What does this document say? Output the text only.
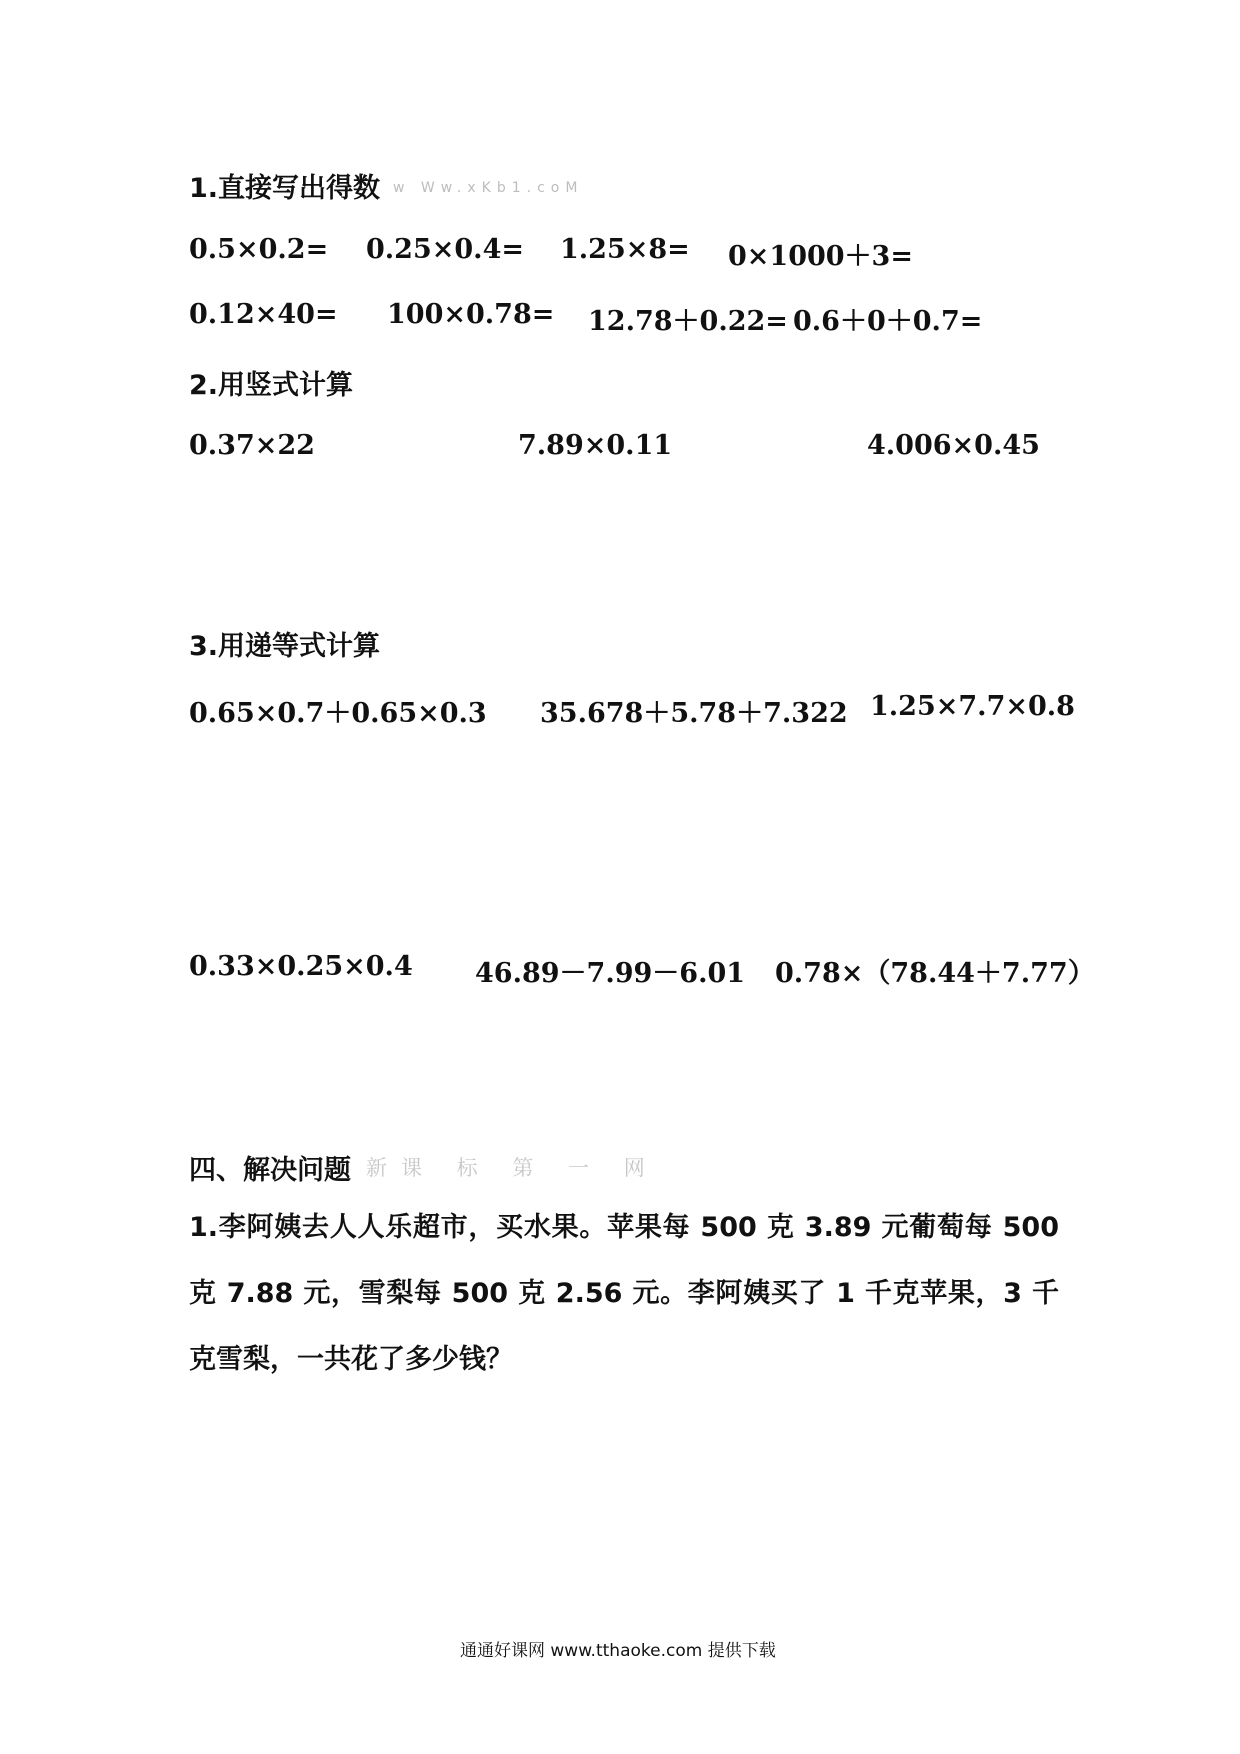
1.直接写出得数 w Ww.xKb1.coM
0.5×0.2= 0.25×0.4= 1.25×8= 0×1000＋3=
0.12×40= 100×0.78= 12.78＋0.22= 0.6＋0＋0.7=
2.用竖式计算
0.37×22	7.89×0.11	4.006×0.45
3.用递等式计算
0.65×0.7＋0.65×0.3 35.678＋5.78＋7.322 1.25×7.7×0.8
0.33×0.25×0.4 46.89－7.99－6.01 0.78×（78.44＋7.77）
四、解决问题 新课 标 第 一 网
1.李阿姨去人人乐超市，买水果。苹果每 500 克 3.89 元葡萄每 500 克 7.88 元，雪梨每 500 克 2.56 元。李阿姨买了 1 千克苹果，3 千克雪梨，一共花了多少钱？
通通好课网 www.tthaoke.com 提供下载
